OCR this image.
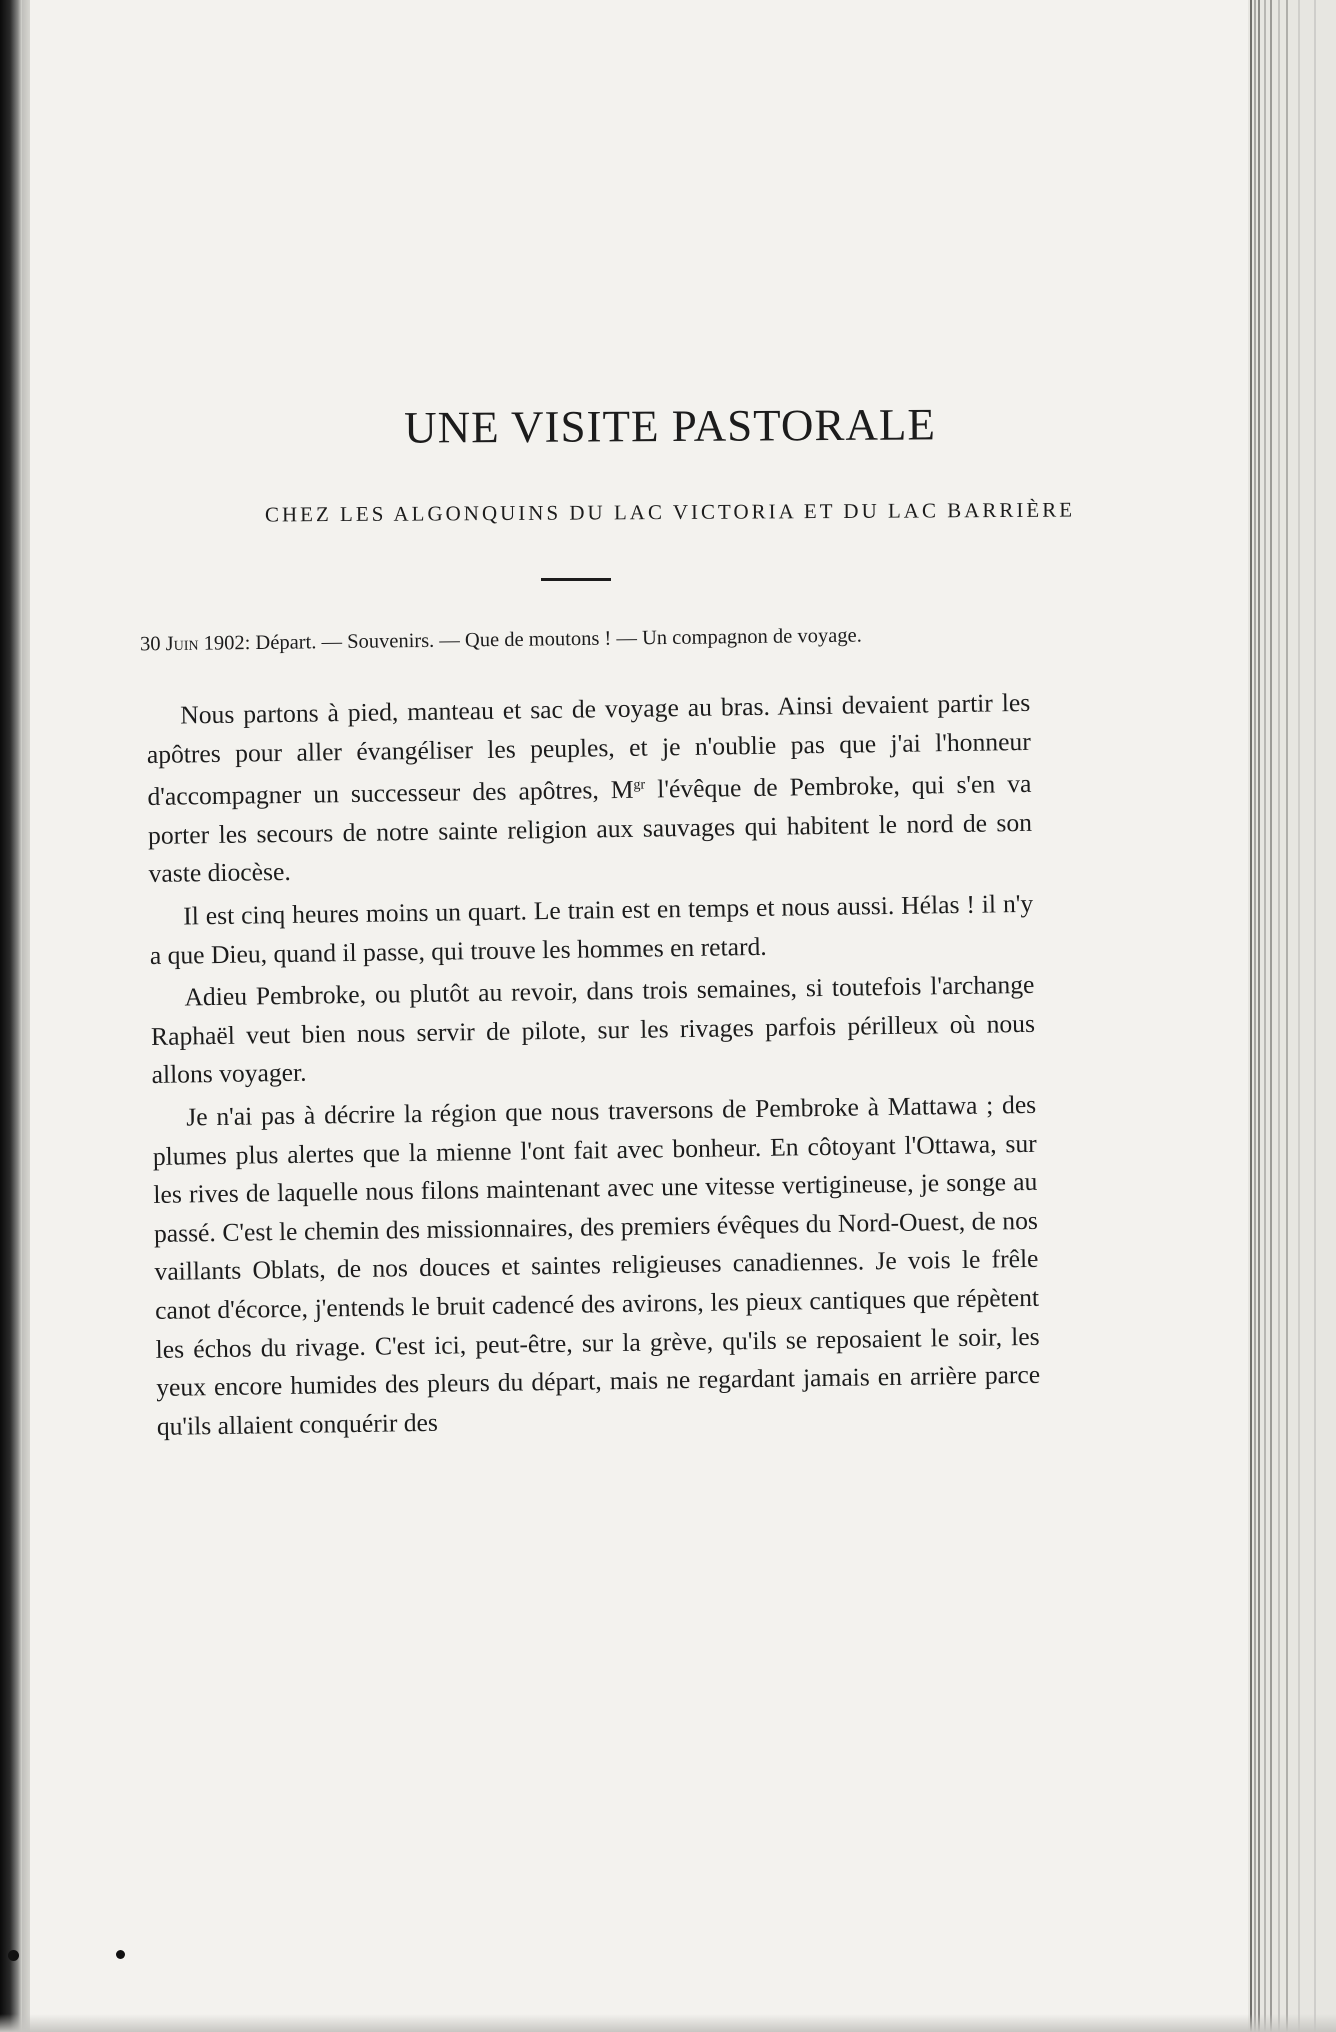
UNE VISITE PASTORALE
CHEZ LES ALGONQUINS DU LAC VICTORIA ET DU LAC BARRIÈRE
30 Juin 1902: Départ. — Souvenirs. — Que de moutons ! — Un compagnon de voyage.

Nous partons à pied, manteau et sac de voyage au bras. Ainsi devaient partir les apôtres pour aller évangéliser les peuples, et je n'oublie pas que j'ai l'honneur d'accompagner un successeur des apôtres, $M^{gr}$ l'évêque de Pembroke, qui s'en va porter les secours de notre sainte religion aux sauvages qui habitent le nord de son vaste diocèse.

Il est cinq heures moins un quart. Le train est en temps et nous aussi. Hélas ! il n'y a que Dieu, quand il passe, qui trouve les hommes en retard.

Adieu Pembroke, ou plutôt au revoir, dans trois semaines, si toutefois l'archange Raphaël veut bien nous servir de pilote, sur les rivages parfois périlleux où nous allons voyager.

Je n'ai pas à décrire la région que nous traversons de Pembroke à Mattawa ; des plumes plus alertes que la mienne l'ont fait avec bonheur. En côtoyant l'Ottawa, sur les rives de laquelle nous filons maintenant avec une vitesse vertigineuse, je songe au passé. C'est le chemin des missionnaires, des premiers évêques du Nord-Ouest, de nos vaillants Oblats, de nos douces et saintes religieuses canadiennes. Je vois le frêle canot d'écorce, j'entends le bruit cadencé des avirons, les pieux cantiques que répètent les échos du rivage. C'est ici, peut-être, sur la grève, qu'ils se reposaient le soir, les yeux encore humides des pleurs du départ, mais ne regardant jamais en arrière parce qu'ils allaient conquérir des
